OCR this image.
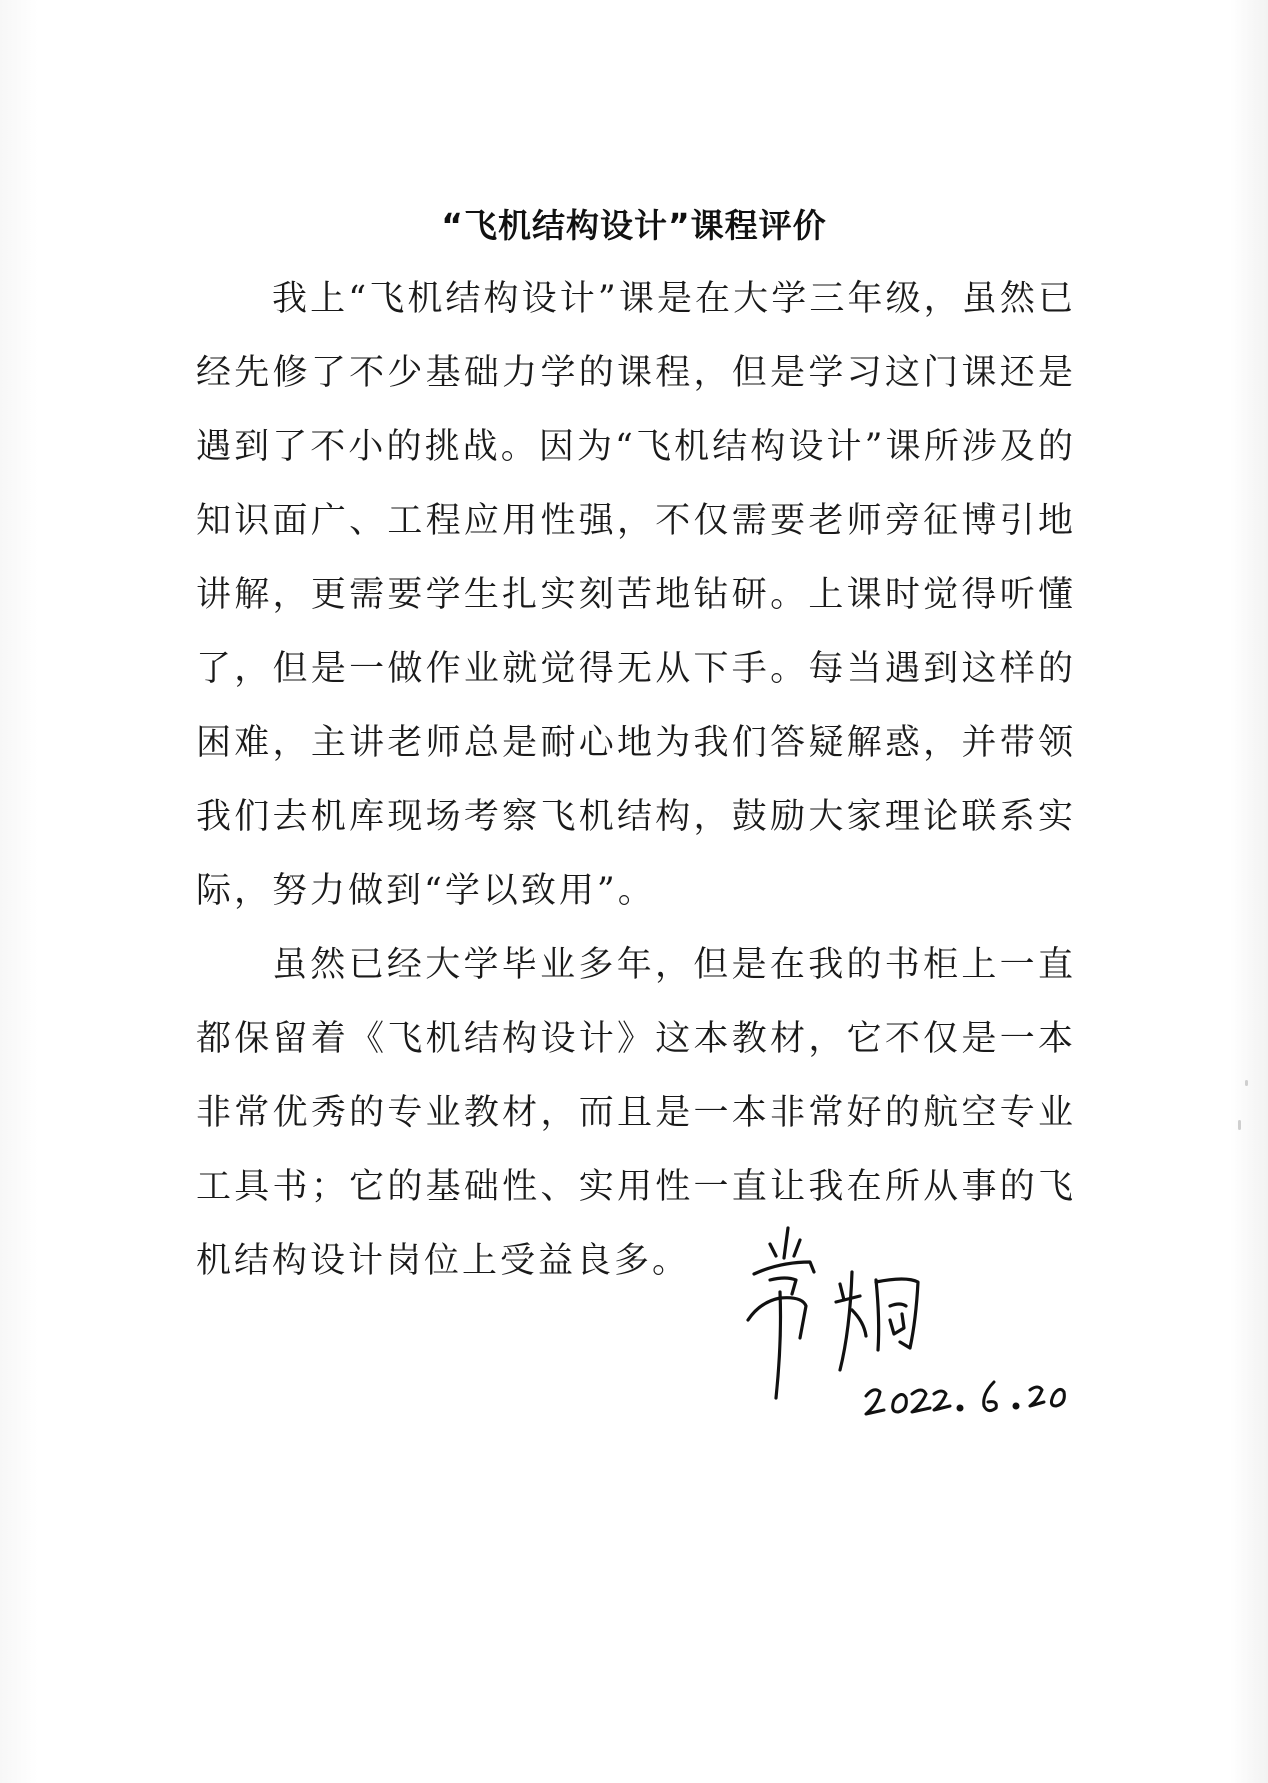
“飞机结构设计”课程评价

我上“飞机结构设计”课是在大学三年级，虽然已经先修了不少基础力学的课程，但是学习这门课还是遇到了不小的挑战。因为“飞机结构设计”课所涉及的知识面广、工程应用性强，不仅需要老师旁征博引地讲解，更需要学生扎实刻苦地钻研。上课时觉得听懂了，但是一做作业就觉得无从下手。每当遇到这样的困难，主讲老师总是耐心地为我们答疑解惑，并带领我们去机库现场考察飞机结构，鼓励大家理论联系实际，努力做到“学以致用”。

虽然已经大学毕业多年，但是在我的书柜上一直都保留着《飞机结构设计》这本教材，它不仅是一本非常优秀的专业教材，而且是一本非常好的航空专业工具书；它的基础性、实用性一直让我在所从事的飞机结构设计岗位上受益良多。
